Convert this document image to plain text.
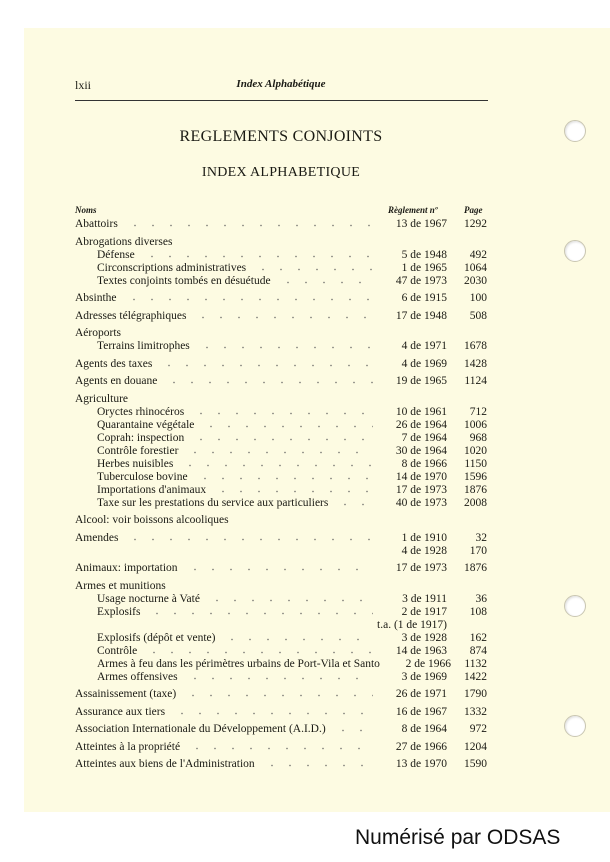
lxii	Index Alphabétique
REGLEMENTS CONJOINTS
INDEX ALPHABETIQUE
Noms	Règlement nº	Page
Abattoirs	13 de 1967	1292
Abrogations diverses
Défense	5 de 1948	492
Circonscriptions administratives	1 de 1965	1064
Textes conjoints tombés en désuétude	47 de 1973	2030
Absinthe	6 de 1915	100
Adresses télégraphiques	17 de 1948	508
Aéroports
Terrains limitrophes	4 de 1971	1678
Agents des taxes	4 de 1969	1428
Agents en douane	19 de 1965	1124
Agriculture
Oryctes rhinocéros	10 de 1961	712
Quarantaine végétale	26 de 1964	1006
Coprah: inspection	7 de 1964	968
Contrôle forestier	30 de 1964	1020
Herbes nuisibles	8 de 1966	1150
Tuberculose bovine	14 de 1970	1596
Importations d'animaux	17 de 1973	1876
Taxe sur les prestations du service aux particuliers	40 de 1973	2008
Alcool: voir boissons alcooliques
Amendes	1 de 1910	32
4 de 1928	170
Animaux: importation	17 de 1973	1876
Armes et munitions
Usage nocturne à Vaté	3 de 1911	36
Explosifs	2 de 1917	108
t.a. (1 de 1917)
Explosifs (dépôt et vente)	3 de 1928	162
Contrôle	14 de 1963	874
Armes à feu dans les périmètres urbains de Port-Vila et Santo	2 de 1966	1132
Armes offensives	3 de 1969	1422
Assainissement (taxe)	26 de 1971	1790
Assurance aux tiers	16 de 1967	1332
Association Internationale du Développement (A.I.D.)	8 de 1964	972
Atteintes à la propriété	27 de 1966	1204
Atteintes aux biens de l'Administration	13 de 1970	1590
Numérisé par ODSAS
